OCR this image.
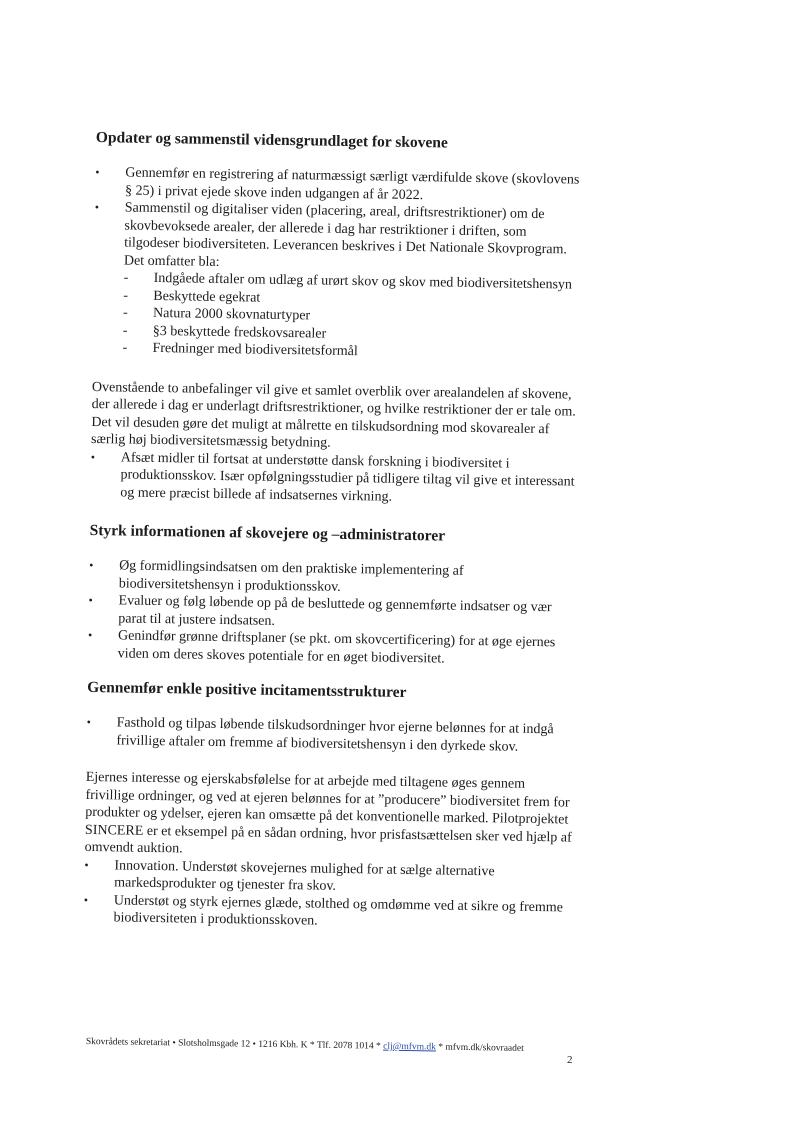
Opdater og sammenstil vidensgrundlaget for skovene
•	Gennemfør en registrering af naturmæssigt særligt værdifulde skove (skovlovens § 25) i privat ejede skove inden udgangen af år 2022.
•	Sammenstil og digitaliser viden (placering, areal, driftsrestriktioner) om de skovbevoksede arealer, der allerede i dag har restriktioner i driften, som tilgodeser biodiversiteten. Leverancen beskrives i Det Nationale Skovprogram. Det omfatter bla:
- Indgåede aftaler om udlæg af urørt skov og skov med biodiversitetshensyn
- Beskyttede egekrat
- Natura 2000 skovnaturtyper
- §3 beskyttede fredskovsarealer
- Fredninger med biodiversitetsformål

Ovenstående to anbefalinger vil give et samlet overblik over arealandelen af skovene, der allerede i dag er underlagt driftsrestriktioner, og hvilke restriktioner der er tale om. Det vil desuden gøre det muligt at målrette en tilskudsordning mod skovarealer af særlig høj biodiversitetsmæssig betydning.

•	Afsæt midler til fortsat at understøtte dansk forskning i biodiversitet i produktionsskov. Især opfølgningsstudier på tidligere tiltag vil give et interessant og mere præcist billede af indsatsernes virkning.
Styrk informationen af skovejere og –administratorer
•	Øg formidlingsindsatsen om den praktiske implementering af biodiversitetshensyn i produktionsskov.
•	Evaluer og følg løbende op på de besluttede og gennemførte indsatser og vær parat til at justere indsatsen.
•	Genindfør grønne driftsplaner (se pkt. om skovcertificering) for at øge ejernes viden om deres skoves potentiale for en øget biodiversitet.
Gennemfør enkle positive incitamentsstrukturer
•	Fasthold og tilpas løbende tilskudsordninger hvor ejerne belønnes for at indgå frivillige aftaler om fremme af biodiversitetshensyn i den dyrkede skov.

Ejernes interesse og ejerskabsfølelse for at arbejde med tiltagene øges gennem frivillige ordninger, og ved at ejeren belønnes for at ”producere” biodiversitet frem for produkter og ydelser, ejeren kan omsætte på det konventionelle marked. Pilotprojektet SINCERE er et eksempel på en sådan ordning, hvor prisfastsættelsen sker ved hjælp af omvendt auktion.

•	Innovation. Understøt skovejernes mulighed for at sælge alternative markedsprodukter og tjenester fra skov.
•	Understøt og styrk ejernes glæde, stolthed og omdømme ved at sikre og fremme biodiversiteten i produktionsskoven.
Skovrådets sekretariat • Slotsholmsgade 12 • 1216 Kbh. K * Tlf. 2078 1014 * clj@mfvm.dk * mfvm.dk/skovraadet
2
